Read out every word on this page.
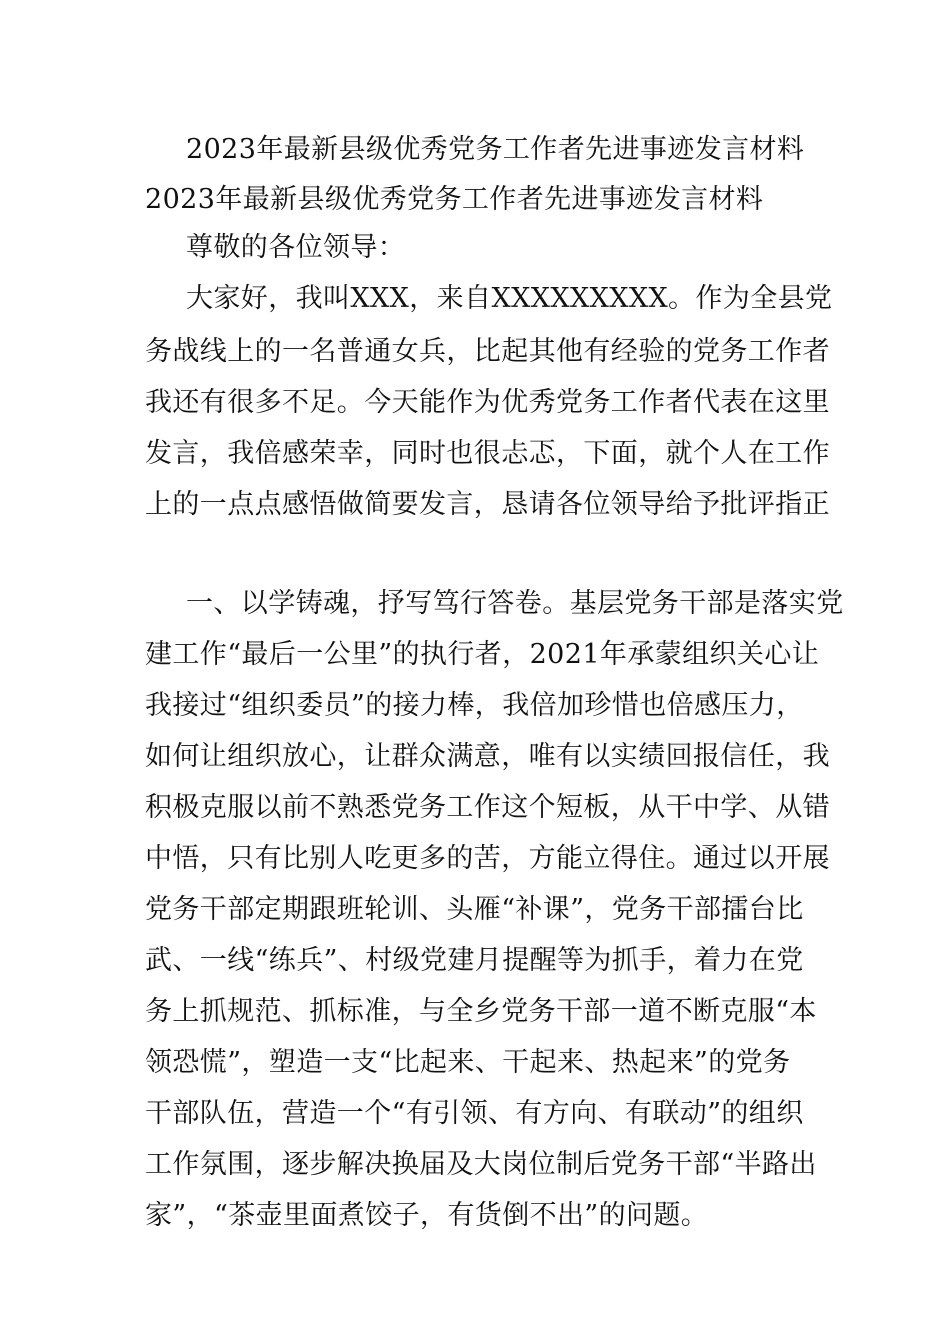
2023年最新县级优秀党务工作者先进事迹发言材料
2023年最新县级优秀党务工作者先进事迹发言材料
尊敬的各位领导：
大家好，我叫XXX，来自XXXXXXXXX。作为全县党
务战线上的一名普通女兵，比起其他有经验的党务工作者
我还有很多不足。今天能作为优秀党务工作者代表在这里
发言，我倍感荣幸，同时也很忐忑，下面，就个人在工作
上的一点点感悟做简要发言，恳请各位领导给予批评指正
一、以学铸魂，抒写笃行答卷。基层党务干部是落实党
建工作“最后一公里”的执行者，2021年承蒙组织关心让
我接过“组织委员”的接力棒，我倍加珍惜也倍感压力，
如何让组织放心，让群众满意，唯有以实绩回报信任，我
积极克服以前不熟悉党务工作这个短板，从干中学、从错
中悟，只有比别人吃更多的苦，方能立得住。通过以开展
党务干部定期跟班轮训、头雁“补课”，党务干部擂台比
武、一线“练兵”、村级党建月提醒等为抓手，着力在党
务上抓规范、抓标准，与全乡党务干部一道不断克服“本
领恐慌”，塑造一支“比起来、干起来、热起来”的党务
干部队伍，营造一个“有引领、有方向、有联动”的组织
工作氛围，逐步解决换届及大岗位制后党务干部“半路出
家”，“茶壶里面煮饺子，有货倒不出”的问题。
